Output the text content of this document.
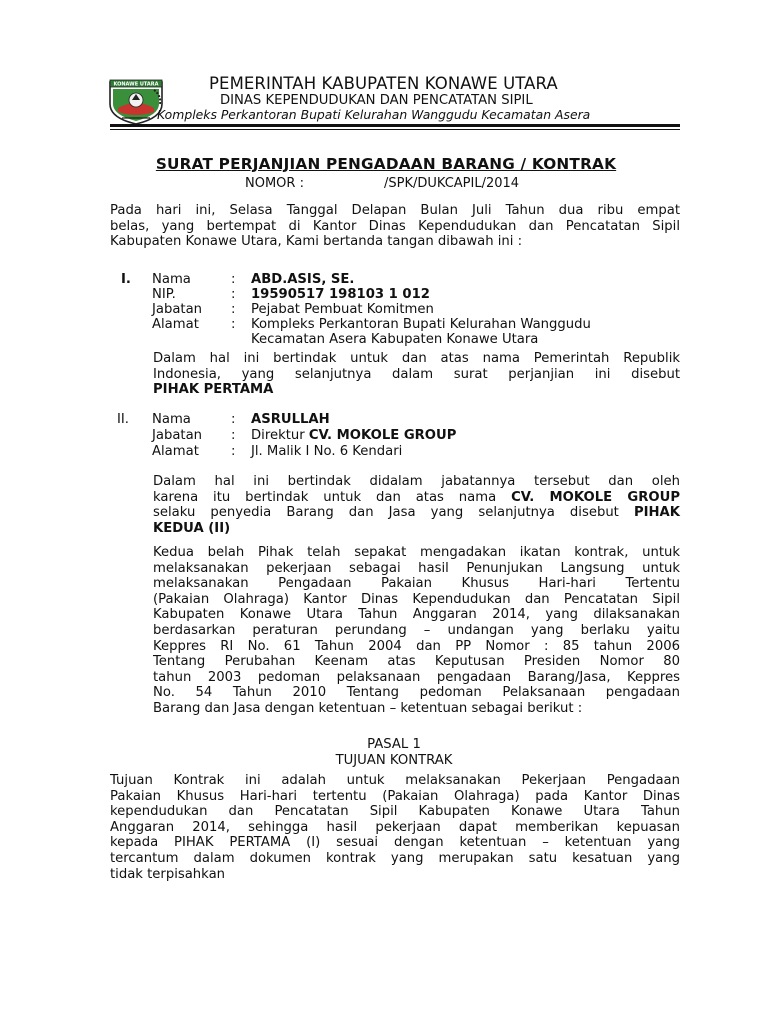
KONAWE UTARA	PEMERINTAH KABUPATEN KONAWE UTARA
DINAS KEPENDUDUKAN DAN PENCATATAN SIPIL
Kompleks Perkantoran Bupati Kelurahan Wanggudu Kecamatan Asera
SURAT PERJANJIAN PENGADAAN BARANG / KONTRAK
NOMOR :	/SPK/DUKCAPIL/2014
Pada hari ini, Selasa Tanggal Delapan Bulan Juli Tahun dua ribu empat
belas, yang bertempat di Kantor Dinas Kependudukan dan Pencatatan Sipil
Kabupaten Konawe Utara, Kami bertanda tangan dibawah ini :
I. Nama	: ABD.ASIS, SE.
NIP.	: 19590517 198103 1 012
Jabatan : Pejabat Pembuat Komitmen
Alamat : Kompleks Perkantoran Bupati Kelurahan Wanggudu
Kecamatan Asera Kabupaten Konawe Utara
Dalam hal ini bertindak untuk dan atas nama Pemerintah Republik
Indonesia, yang selanjutnya dalam surat perjanjian ini disebut
PIHAK PERTAMA
II. Nama	: ASRULLAH
Jabatan : Direktur CV. MOKOLE GROUP
Alamat : Jl. Malik I No. 6 Kendari
Dalam hal ini bertindak didalam jabatannya tersebut dan oleh
karena itu bertindak untuk dan atas nama CV. MOKOLE GROUP
selaku penyedia Barang dan Jasa yang selanjutnya disebut PIHAK
KEDUA (II)
Kedua belah Pihak telah sepakat mengadakan ikatan kontrak, untuk
melaksanakan pekerjaan sebagai hasil Penunjukan Langsung untuk
melaksanakan Pengadaan Pakaian Khusus Hari-hari Tertentu
(Pakaian Olahraga) Kantor Dinas Kependudukan dan Pencatatan Sipil
Kabupaten Konawe Utara Tahun Anggaran 2014, yang dilaksanakan
berdasarkan peraturan perundang – undangan yang berlaku yaitu
Keppres RI No. 61 Tahun 2004 dan PP Nomor : 85 tahun 2006
Tentang Perubahan Keenam atas Keputusan Presiden Nomor 80
tahun 2003 pedoman pelaksanaan pengadaan Barang/Jasa, Keppres
No. 54 Tahun 2010 Tentang pedoman Pelaksanaan pengadaan
Barang dan Jasa dengan ketentuan – ketentuan sebagai berikut :
PASAL 1
TUJUAN KONTRAK
Tujuan Kontrak ini adalah untuk melaksanakan Pekerjaan Pengadaan
Pakaian Khusus Hari-hari tertentu (Pakaian Olahraga) pada Kantor Dinas
kependudukan dan Pencatatan Sipil Kabupaten Konawe Utara Tahun
Anggaran 2014, sehingga hasil pekerjaan dapat memberikan kepuasan
kepada PIHAK PERTAMA (I) sesuai dengan ketentuan – ketentuan yang
tercantum dalam dokumen kontrak yang merupakan satu kesatuan yang
tidak terpisahkan
